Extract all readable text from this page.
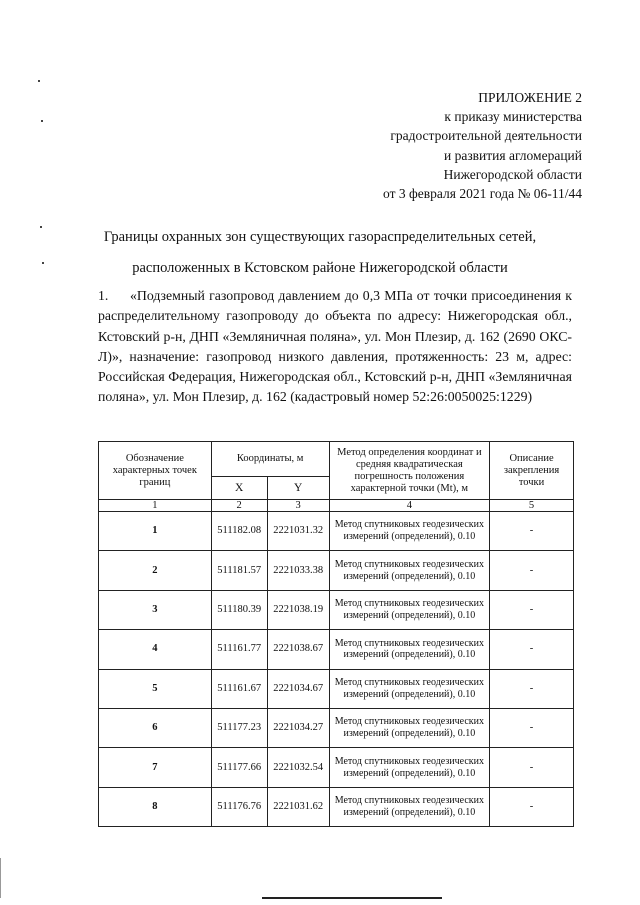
ПРИЛОЖЕНИЕ 2
к приказу министерства
градостроительной деятельности
и развития агломераций
Нижегородской области
от 3 февраля 2021 года № 06-11/44
Границы охранных зон существующих газораспределительных сетей,
расположенных в Кстовском районе Нижегородской области
1. «Подземный газопровод давлением до 0,3 МПа от точки присоединения к распределительному газопроводу до объекта по адресу: Нижегородская обл., Кстовский р-н, ДНП «Земляничная поляна», ул. Мон Плезир, д. 162 (2690 ОКС-Л)», назначение: газопровод низкого давления, протяженность: 23 м, адрес: Российская Федерация, Нижегородская обл., Кстовский р-н, ДНП «Земляничная поляна», ул. Мон Плезир, д. 162 (кадастровый номер 52:26:0050025:1229)
Обозначение характерных точек границ	Координаты, м		Метод определения координат и средняя квадратическая погрешность положения характерной точки (Mt), м	Описание закрепления точки
	X	Y		
1	2	3	4	5
1	511182.08	2221031.32	Метод спутниковых геодезических измерений (определений), 0.10	-
2	511181.57	2221033.38	Метод спутниковых геодезических измерений (определений), 0.10	-
3	511180.39	2221038.19	Метод спутниковых геодезических измерений (определений), 0.10	-
4	511161.77	2221038.67	Метод спутниковых геодезических измерений (определений), 0.10	-
5	511161.67	2221034.67	Метод спутниковых геодезических измерений (определений), 0.10	-
6	511177.23	2221034.27	Метод спутниковых геодезических измерений (определений), 0.10	-
7	511177.66	2221032.54	Метод спутниковых геодезических измерений (определений), 0.10	-
8	511176.76	2221031.62	Метод спутниковых геодезических измерений (определений), 0.10	-
